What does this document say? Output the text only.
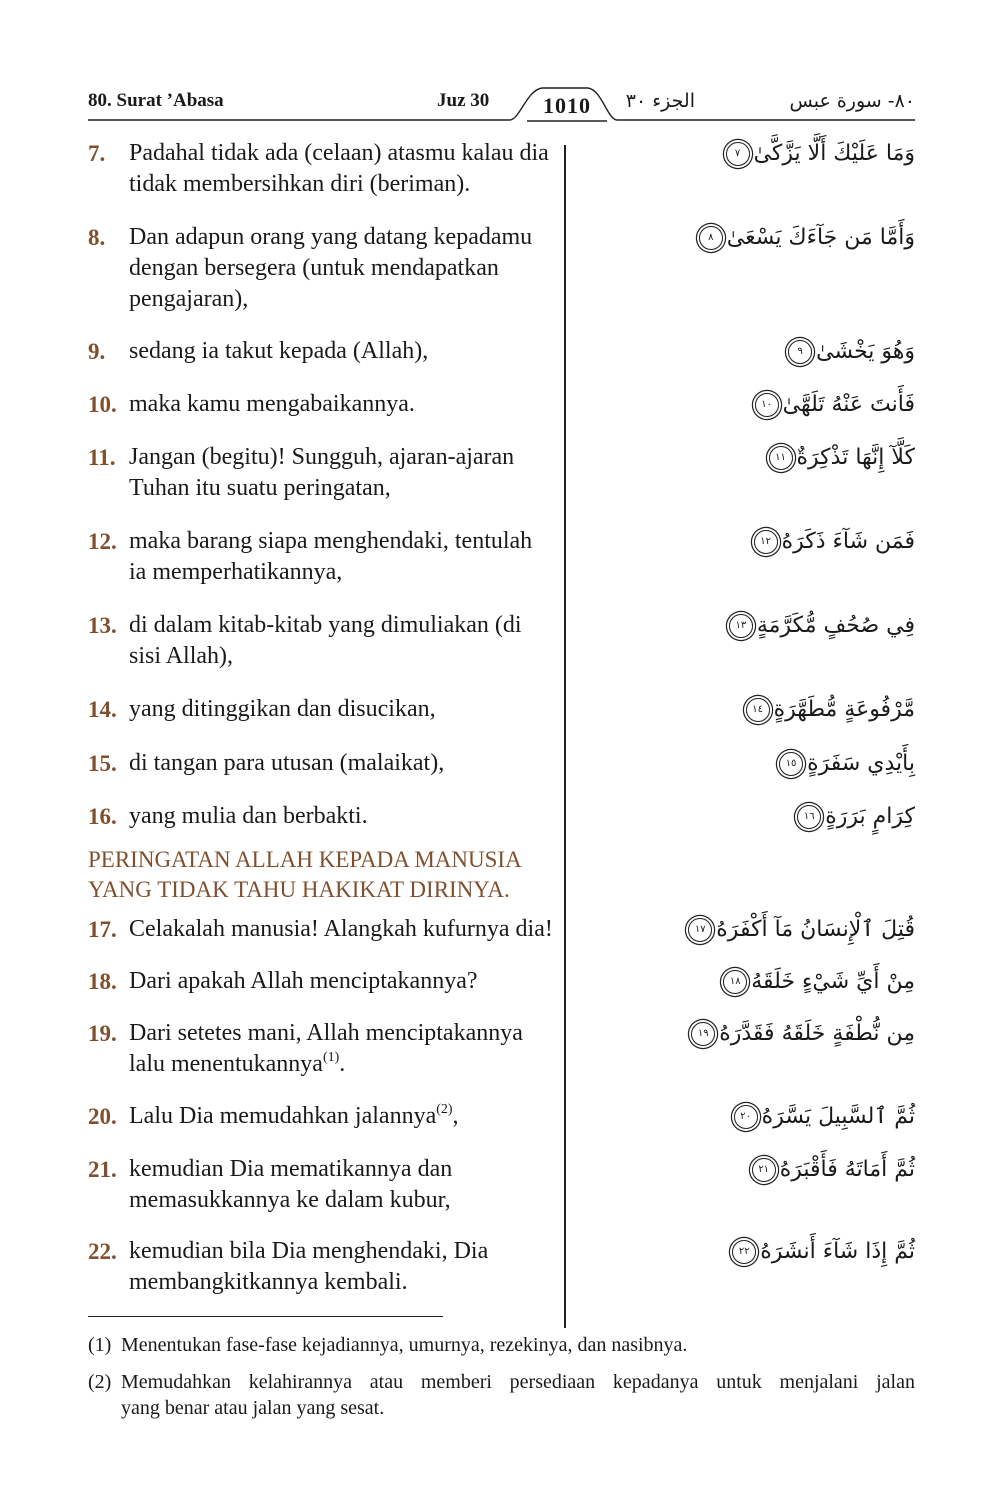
80. Surat ’Abasa	Juz 30	1010	الجزء ٣٠	٨٠- سورة عبس
7. Padahal tidak ada (celaan) atasmu kalau dia
tidak membersihkan diri (beriman).
وَمَا عَلَيْكَ أَلَّا يَزَّكَّىٰ
٧
8. Dan adapun orang yang datang kepadamu
dengan bersegera (untuk mendapatkan
pengajaran),
وَأَمَّا مَن جَآءَكَ يَسْعَىٰ
٨
9. sedang ia takut kepada (Allah),	وَهُوَ يَخْشَىٰ
٩
10. maka kamu mengabaikannya.	فَأَنتَ عَنْهُ تَلَهَّىٰ
١٠
11. Jangan (begitu)! Sungguh, ajaran-ajaran
Tuhan itu suatu peringatan,
كَلَّآ إِنَّهَا تَذْكِرَةٌ
١١
12. maka barang siapa menghendaki, tentulah
ia memperhatikannya,
فَمَن شَآءَ ذَكَرَهُ
١٢
13. di dalam kitab-kitab yang dimuliakan (di
sisi Allah),
فِي صُحُفٍ مُّكَرَّمَةٍ
١٣
14. yang ditinggikan dan disucikan,	مَّرْفُوعَةٍ مُّطَهَّرَةٍ
١٤
15. di tangan para utusan (malaikat),	بِأَيْدِي سَفَرَةٍ
١٥
16. yang mulia dan berbakti.	كِرَامٍ بَرَرَةٍ
١٦
PERINGATAN ALLAH KEPADA MANUSIA
YANG TIDAK TAHU HAKIKAT DIRINYA.
17. Celakalah manusia! Alangkah kufurnya dia!	قُتِلَ ٱلْإِنسَانُ مَآ أَكْفَرَهُ
١٧
18. Dari apakah Allah menciptakannya?	مِنْ أَيِّ شَيْءٍ خَلَقَهُ
١٨
19. Dari setetes mani, Allah menciptakannya
lalu menentukannya$^{(1)}$.
مِن نُّطْفَةٍ خَلَقَهُ فَقَدَّرَهُ
١٩
20. Lalu Dia memudahkan jalannya$^{(2)}$,	ثُمَّ ٱلسَّبِيلَ يَسَّرَهُ
٢٠
21. kemudian Dia mematikannya dan
memasukkannya ke dalam kubur,
ثُمَّ أَمَاتَهُ فَأَقْبَرَهُ
٢١
22. kemudian bila Dia menghendaki, Dia
membangkitkannya kembali.
ثُمَّ إِذَا شَآءَ أَنشَرَهُ
٢٢
(1) Menentukan fase-fase kejadiannya, umurnya, rezekinya, dan nasibnya.
(2) Memudahkan kelahirannya atau memberi persediaan kepadanya untuk menjalani jalan
yang benar atau jalan yang sesat.
